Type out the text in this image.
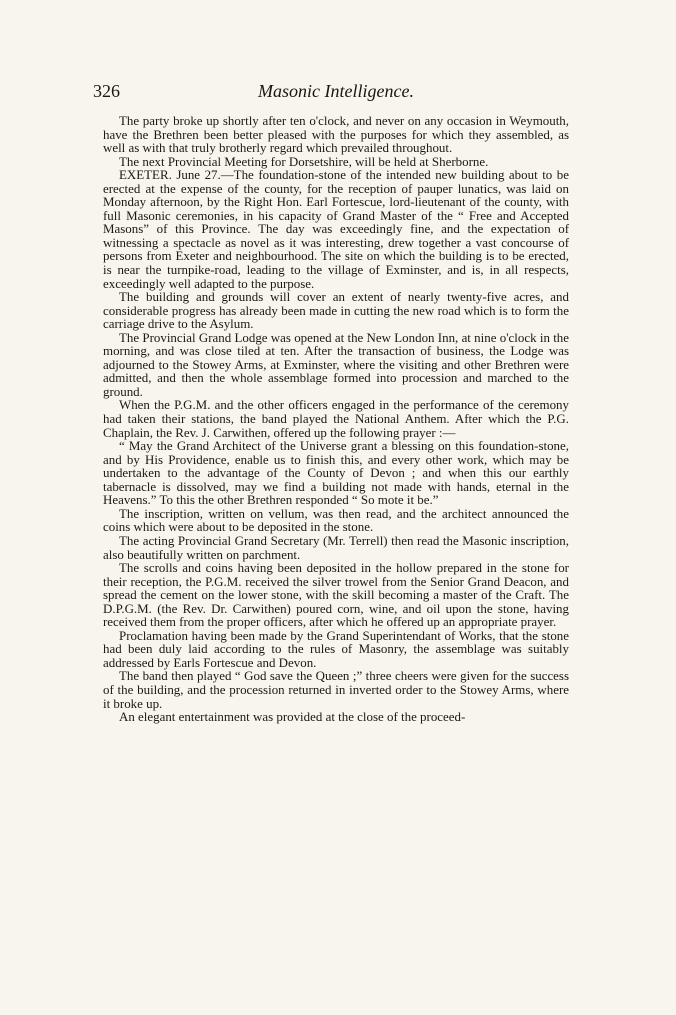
326	Masonic Intelligence.

The party broke up shortly after ten o'clock, and never on any occasion in Weymouth, have the Brethren been better pleased with the purposes for which they assembled, as well as with that truly brotherly regard which prevailed throughout.

The next Provincial Meeting for Dorsetshire, will be held at Sherborne.

EXETER. June 27.—The foundation-stone of the intended new building about to be erected at the expense of the county, for the reception of pauper lunatics, was laid on Monday afternoon, by the Right Hon. Earl Fortescue, lord-lieutenant of the county, with full Masonic ceremonies, in his capacity of Grand Master of the “ Free and Accepted Masons” of this Province. The day was exceedingly fine, and the expectation of witnessing a spectacle as novel as it was interesting, drew together a vast concourse of persons from Exeter and neighbourhood. The site on which the building is to be erected, is near the turnpike-road, leading to the village of Exminster, and is, in all respects, exceedingly well adapted to the purpose.

The building and grounds will cover an extent of nearly twenty-five acres, and considerable progress has already been made in cutting the new road which is to form the carriage drive to the Asylum.

The Provincial Grand Lodge was opened at the New London Inn, at nine o'clock in the morning, and was close tiled at ten. After the transaction of business, the Lodge was adjourned to the Stowey Arms, at Exminster, where the visiting and other Brethren were admitted, and then the whole assemblage formed into procession and marched to the ground.

When the P.G.M. and the other officers engaged in the performance of the ceremony had taken their stations, the band played the National Anthem. After which the P.G. Chaplain, the Rev. J. Carwithen, offered up the following prayer :—

“ May the Grand Architect of the Universe grant a blessing on this foundation-stone, and by His Providence, enable us to finish this, and every other work, which may be undertaken to the advantage of the County of Devon ; and when this our earthly tabernacle is dissolved, may we find a building not made with hands, eternal in the Heavens.” To this the other Brethren responded “ So mote it be.”

The inscription, written on vellum, was then read, and the architect announced the coins which were about to be deposited in the stone.

The acting Provincial Grand Secretary (Mr. Terrell) then read the Masonic inscription, also beautifully written on parchment.

The scrolls and coins having been deposited in the hollow prepared in the stone for their reception, the P.G.M. received the silver trowel from the Senior Grand Deacon, and spread the cement on the lower stone, with the skill becoming a master of the Craft. The D.P.G.M. (the Rev. Dr. Carwithen) poured corn, wine, and oil upon the stone, having received them from the proper officers, after which he offered up an appropriate prayer.

Proclamation having been made by the Grand Superintendant of Works, that the stone had been duly laid according to the rules of Masonry, the assemblage was suitably addressed by Earls Fortescue and Devon.

The band then played “ God save the Queen ;” three cheers were given for the success of the building, and the procession returned in inverted order to the Stowey Arms, where it broke up.

An elegant entertainment was provided at the close of the proceed-
